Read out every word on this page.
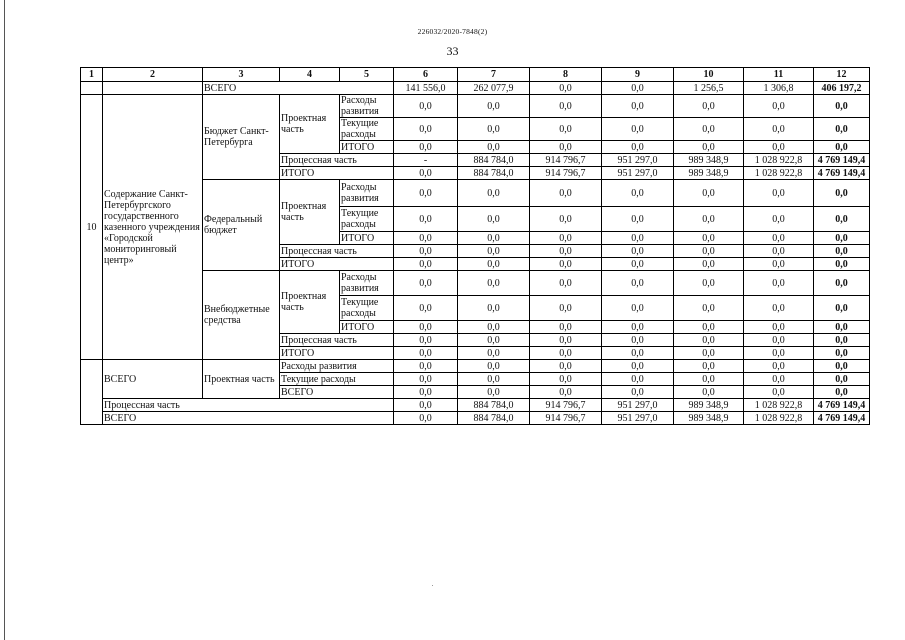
226032/2020-7848(2)
33
1	2	3	4	5	6	7	8	9	10	11	12
		ВСЕГО			141 556,0	262 077,9	0,0	0,0	1 256,5	1 306,8	406 197,2
10	Содержание Санкт-Петербургского государственного казенного учреждения «Городской мониторинговый центр»	Бюджет Санкт-Петербурга	Проектная часть	Расходы развития	0,0	0,0	0,0	0,0	0,0	0,0	0,0
				Текущие расходы	0,0	0,0	0,0	0,0	0,0	0,0	0,0
				ИТОГО	0,0	0,0	0,0	0,0	0,0	0,0	0,0
			Процессная часть		-	884 784,0	914 796,7	951 297,0	989 348,9	1 028 922,8	4 769 149,4
			ИТОГО		0,0	884 784,0	914 796,7	951 297,0	989 348,9	1 028 922,8	4 769 149,4
		Федеральный бюджет	Проектная часть	Расходы развития	0,0	0,0	0,0	0,0	0,0	0,0	0,0
				Текущие расходы	0,0	0,0	0,0	0,0	0,0	0,0	0,0
				ИТОГО	0,0	0,0	0,0	0,0	0,0	0,0	0,0
			Процессная часть		0,0	0,0	0,0	0,0	0,0	0,0	0,0
			ИТОГО		0,0	0,0	0,0	0,0	0,0	0,0	0,0
		Внебюджетные средства	Проектная часть	Расходы развития	0,0	0,0	0,0	0,0	0,0	0,0	0,0
				Текущие расходы	0,0	0,0	0,0	0,0	0,0	0,0	0,0
				ИТОГО	0,0	0,0	0,0	0,0	0,0	0,0	0,0
			Процессная часть		0,0	0,0	0,0	0,0	0,0	0,0	0,0
			ИТОГО		0,0	0,0	0,0	0,0	0,0	0,0	0,0
	ВСЕГО	Проектная часть	Расходы развития		0,0	0,0	0,0	0,0	0,0	0,0	0,0
			Текущие расходы		0,0	0,0	0,0	0,0	0,0	0,0	0,0
			ВСЕГО		0,0	0,0	0,0	0,0	0,0	0,0	0,0
	Процессная часть				0,0	884 784,0	914 796,7	951 297,0	989 348,9	1 028 922,8	4 769 149,4
	ВСЕГО				0,0	884 784,0	914 796,7	951 297,0	989 348,9	1 028 922,8	4 769 149,4
